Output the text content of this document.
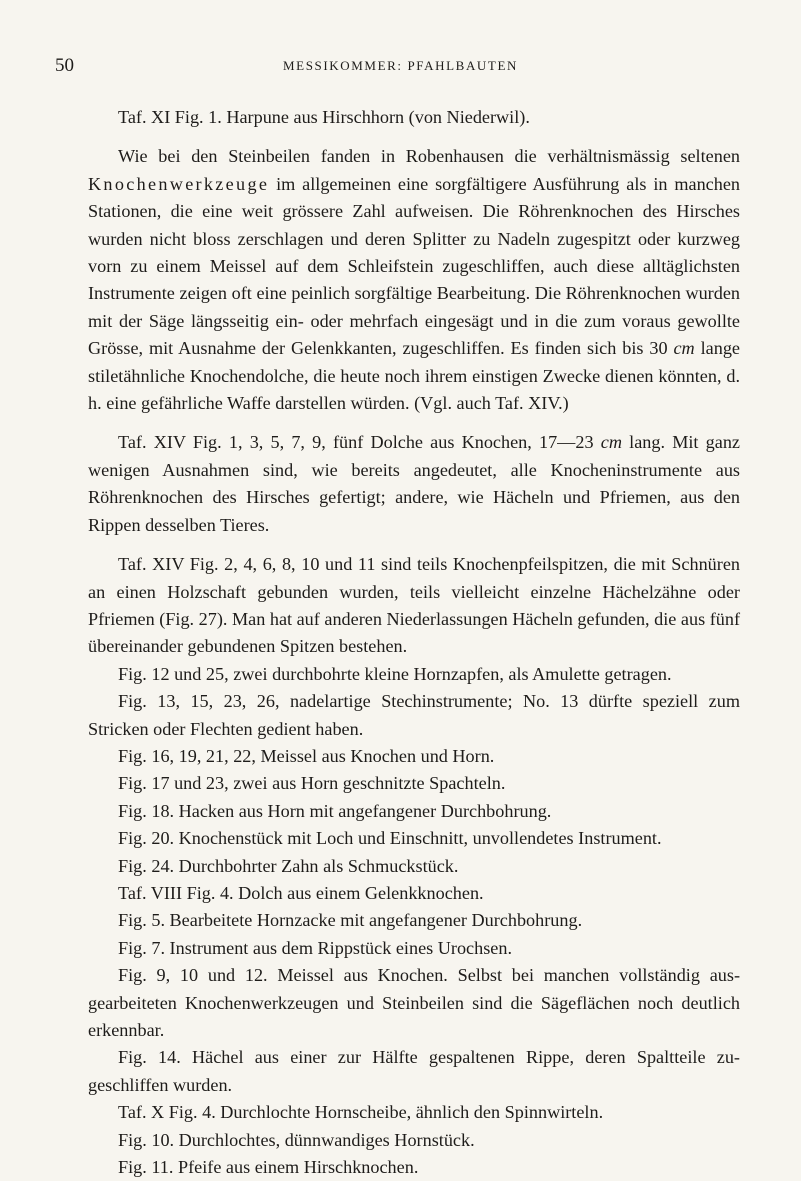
50	MESSIKOMMER: PFAHLBAUTEN

Taf. XI Fig. 1. Harpune aus Hirschhorn (von Niederwil).

Wie bei den Steinbeilen fanden in Robenhausen die verhältnismässig seltenen Knochenwerkzeuge im allgemeinen eine sorgfältigere Ausführung als in manchen Stationen, die eine weit grössere Zahl aufweisen. Die Röhrenknochen des Hirsches wurden nicht bloss zerschlagen und deren Splitter zu Nadeln zugespitzt oder kurzweg vorn zu einem Meissel auf dem Schleifstein zugeschliffen, auch diese alltäglichsten Instrumente zeigen oft eine peinlich sorgfältige Bearbeitung. Die Röhrenknochen wurden mit der Säge längsseitig ein- oder mehrfach eingesägt und in die zum voraus gewollte Grösse, mit Ausnahme der Gelenkkanten, zugeschliffen. Es finden sich bis 30 cm lange stiletähnliche Knochendolche, die heute noch ihrem einstigen Zwecke dienen könnten, d. h. eine gefährliche Waffe darstellen würden. (Vgl. auch Taf. XIV.)

Taf. XIV Fig. 1, 3, 5, 7, 9, fünf Dolche aus Knochen, 17—23 cm lang. Mit ganz wenigen Ausnahmen sind, wie bereits angedeutet, alle Knocheninstrumente aus Röhrenknochen des Hirsches gefertigt; andere, wie Hächeln und Pfriemen, aus den Rippen desselben Tieres.

Taf. XIV Fig. 2, 4, 6, 8, 10 und 11 sind teils Knochenpfeilspitzen, die mit Schnüren an einen Holzschaft gebunden wurden, teils vielleicht einzelne Hächelzähne oder Pfriemen (Fig. 27). Man hat auf anderen Niederlassungen Hächeln gefunden, die aus fünf übereinander gebundenen Spitzen bestehen.

Fig. 12 und 25, zwei durchbohrte kleine Hornzapfen, als Amulette getragen.

Fig. 13, 15, 23, 26, nadelartige Stechinstrumente; No. 13 dürfte speziell zum Stricken oder Flechten gedient haben.

Fig. 16, 19, 21, 22, Meissel aus Knochen und Horn.

Fig. 17 und 23, zwei aus Horn geschnitzte Spachteln.

Fig. 18. Hacken aus Horn mit angefangener Durchbohrung.

Fig. 20. Knochenstück mit Loch und Einschnitt, unvollendetes Instrument.

Fig. 24. Durchbohrter Zahn als Schmuckstück.

Taf. VIII Fig. 4. Dolch aus einem Gelenkknochen.

Fig. 5. Bearbeitete Hornzacke mit angefangener Durchbohrung.

Fig. 7. Instrument aus dem Rippstück eines Urochsen.

Fig. 9, 10 und 12. Meissel aus Knochen. Selbst bei manchen vollständig aus-gearbeiteten Knochenwerkzeugen und Steinbeilen sind die Sägeflächen noch deutlich erkennbar.

Fig. 14. Hächel aus einer zur Hälfte gespaltenen Rippe, deren Spaltteile zu-geschliffen wurden.

Taf. X Fig. 4. Durchlochte Hornscheibe, ähnlich den Spinnwirteln.

Fig. 10. Durchlochtes, dünnwandiges Hornstück.

Fig. 11. Pfeife aus einem Hirschknochen.
